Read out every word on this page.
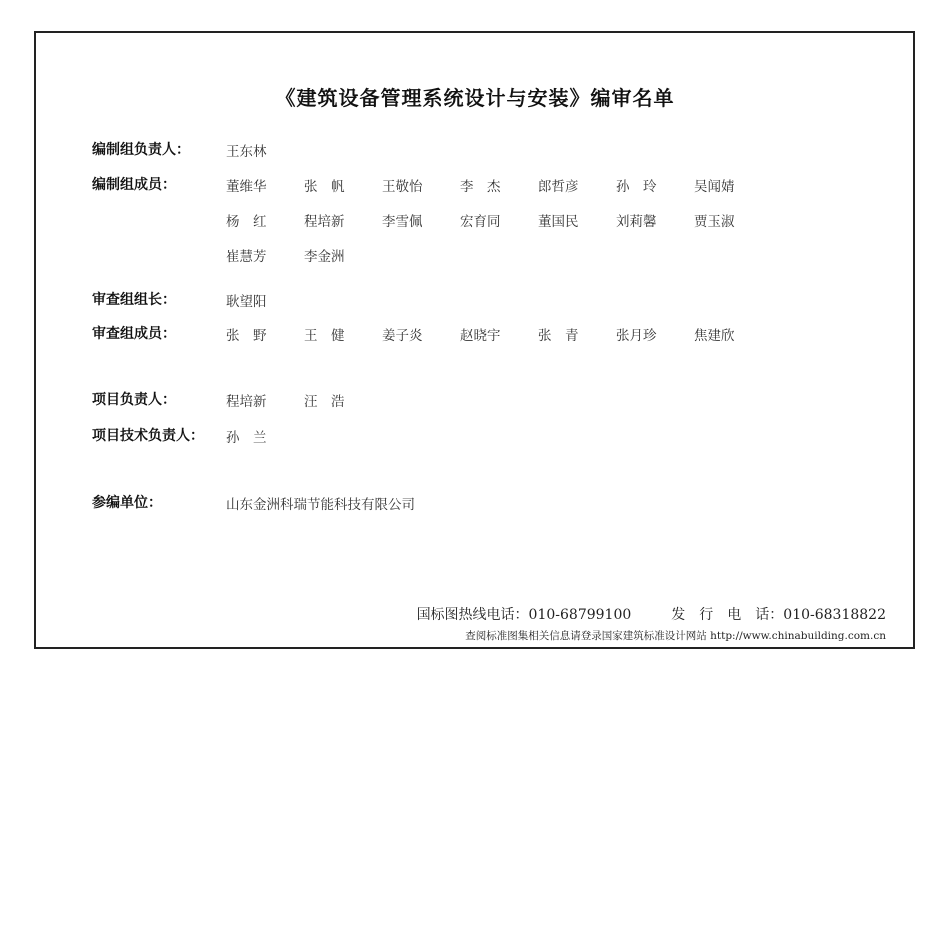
《建筑设备管理系统设计与安装》编审名单
编制组负责人：	王东林
编制组成员：	董维华	张　帆	王敬怡	李　杰	郎哲彦	孙　玲	吴闻婧
杨　红	程培新	李雪佩	宏育同	董国民	刘莉馨	贾玉淑
崔慧芳	李金洲
审查组组长：	耿望阳
审查组成员：	张　野	王　健	姜子炎	赵晓宇	张　青	张月珍	焦建欣
项目负责人：	程培新	汪　浩
项目技术负责人： 孙　兰
参编单位：	山东金洲科瑞节能科技有限公司
国标图热线电话：010-68799100	发　行　电　话：010-68318822
查阅标准图集相关信息请登录国家建筑标准设计网站 http://www.chinabuilding.com.cn
